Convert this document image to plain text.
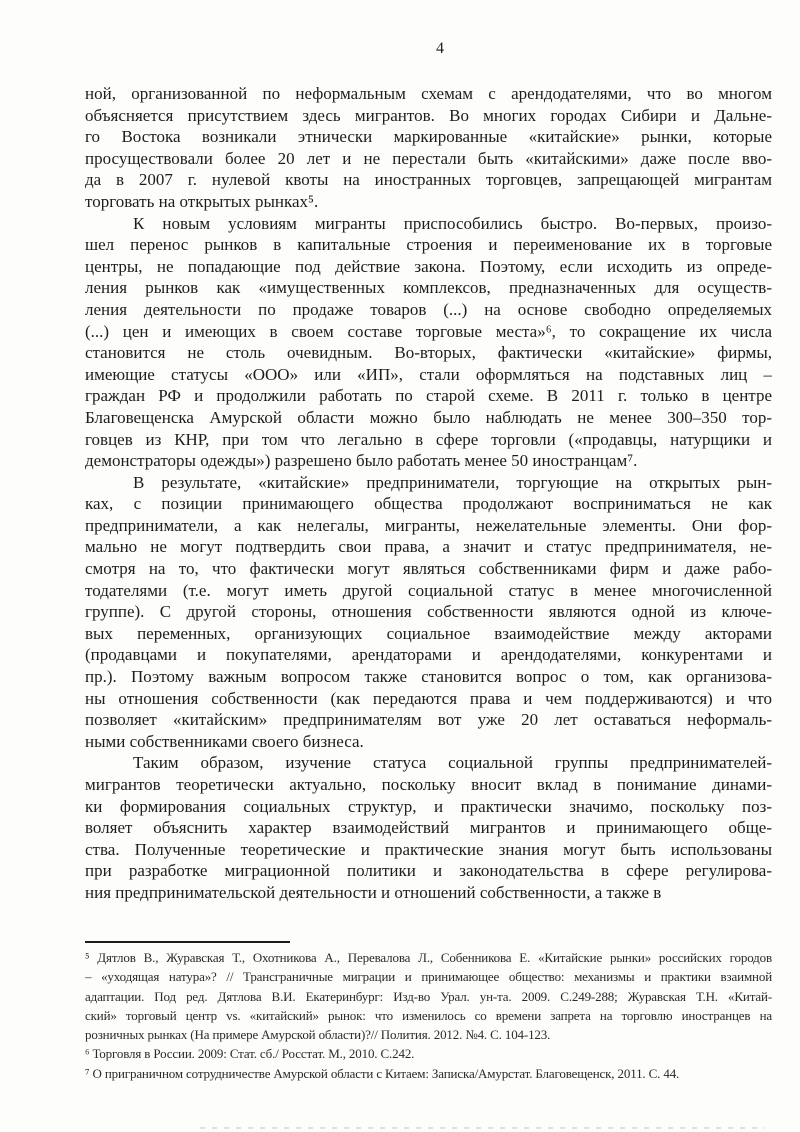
4
ной, организованной по неформальным схемам с арендодателями, что во многом
объясняется присутствием здесь мигрантов. Во многих городах Сибири и Дальне-
го Востока возникали этнически маркированные «китайские» рынки, которые
просуществовали более 20 лет и не перестали быть «китайскими» даже после вво-
да в 2007 г. нулевой квоты на иностранных торговцев, запрещающей мигрантам
торговать на открытых рынках⁵.
К новым условиям мигранты приспособились быстро. Во-первых, произо-
шел перенос рынков в капитальные строения и переименование их в торговые
центры, не попадающие под действие закона. Поэтому, если исходить из опреде-
ления рынков как «имущественных комплексов, предназначенных для осуществ-
ления деятельности по продаже товаров (...) на основе свободно определяемых
(...) цен и имеющих в своем составе торговые места»⁶, то сокращение их числа
становится не столь очевидным. Во-вторых, фактически «китайские» фирмы,
имеющие статусы «ООО» или «ИП», стали оформляться на подставных лиц –
граждан РФ и продолжили работать по старой схеме. В 2011 г. только в центре
Благовещенска Амурской области можно было наблюдать не менее 300–350 тор-
говцев из КНР, при том что легально в сфере торговли («продавцы, натурщики и
демонстраторы одежды») разрешено было работать менее 50 иностранцам⁷.
В результате, «китайские» предприниматели, торгующие на открытых рын-
ках, с позиции принимающего общества продолжают восприниматься не как
предприниматели, а как нелегалы, мигранты, нежелательные элементы. Они фор-
мально не могут подтвердить свои права, а значит и статус предпринимателя, не-
смотря на то, что фактически могут являться собственниками фирм и даже рабо-
тодателями (т.е. могут иметь другой социальной статус в менее многочисленной
группе). С другой стороны, отношения собственности являются одной из ключе-
вых переменных, организующих социальное взаимодействие между акторами
(продавцами и покупателями, арендаторами и арендодателями, конкурентами и
пр.). Поэтому важным вопросом также становится вопрос о том, как организова-
ны отношения собственности (как передаются права и чем поддерживаются) и что
позволяет «китайским» предпринимателям вот уже 20 лет оставаться неформаль-
ными собственниками своего бизнеса.
Таким образом, изучение статуса социальной группы предпринимателей-
мигрантов теоретически актуально, поскольку вносит вклад в понимание динами-
ки формирования социальных структур, и практически значимо, поскольку поз-
воляет объяснить характер взаимодействий мигрантов и принимающего обще-
ства. Полученные теоретические и практические знания могут быть использованы
при разработке миграционной политики и законодательства в сфере регулирова-
ния предпринимательской деятельности и отношений собственности, а также в
⁵ Дятлов В., Журавская Т., Охотникова А., Перевалова Л., Собенникова Е. «Китайские рынки» российских городов
– «уходящая натура»? // Трансграничные миграции и принимающее общество: механизмы и практики взаимной
адаптации. Под ред. Дятлова В.И. Екатеринбург: Изд-во Урал. ун-та. 2009. С.249-288; Журавская Т.Н. «Китай-
ский» торговый центр vs. «китайский» рынок: что изменилось со времени запрета на торговлю иностранцев на
розничных рынках (На примере Амурской области)?// Полития. 2012. №4. С. 104-123.
⁶ Торговля в России. 2009: Стат. сб./ Росстат. М., 2010. С.242.
⁷ О приграничном сотрудничестве Амурской области с Китаем: Записка/Амурстат. Благовещенск, 2011. С. 44.
